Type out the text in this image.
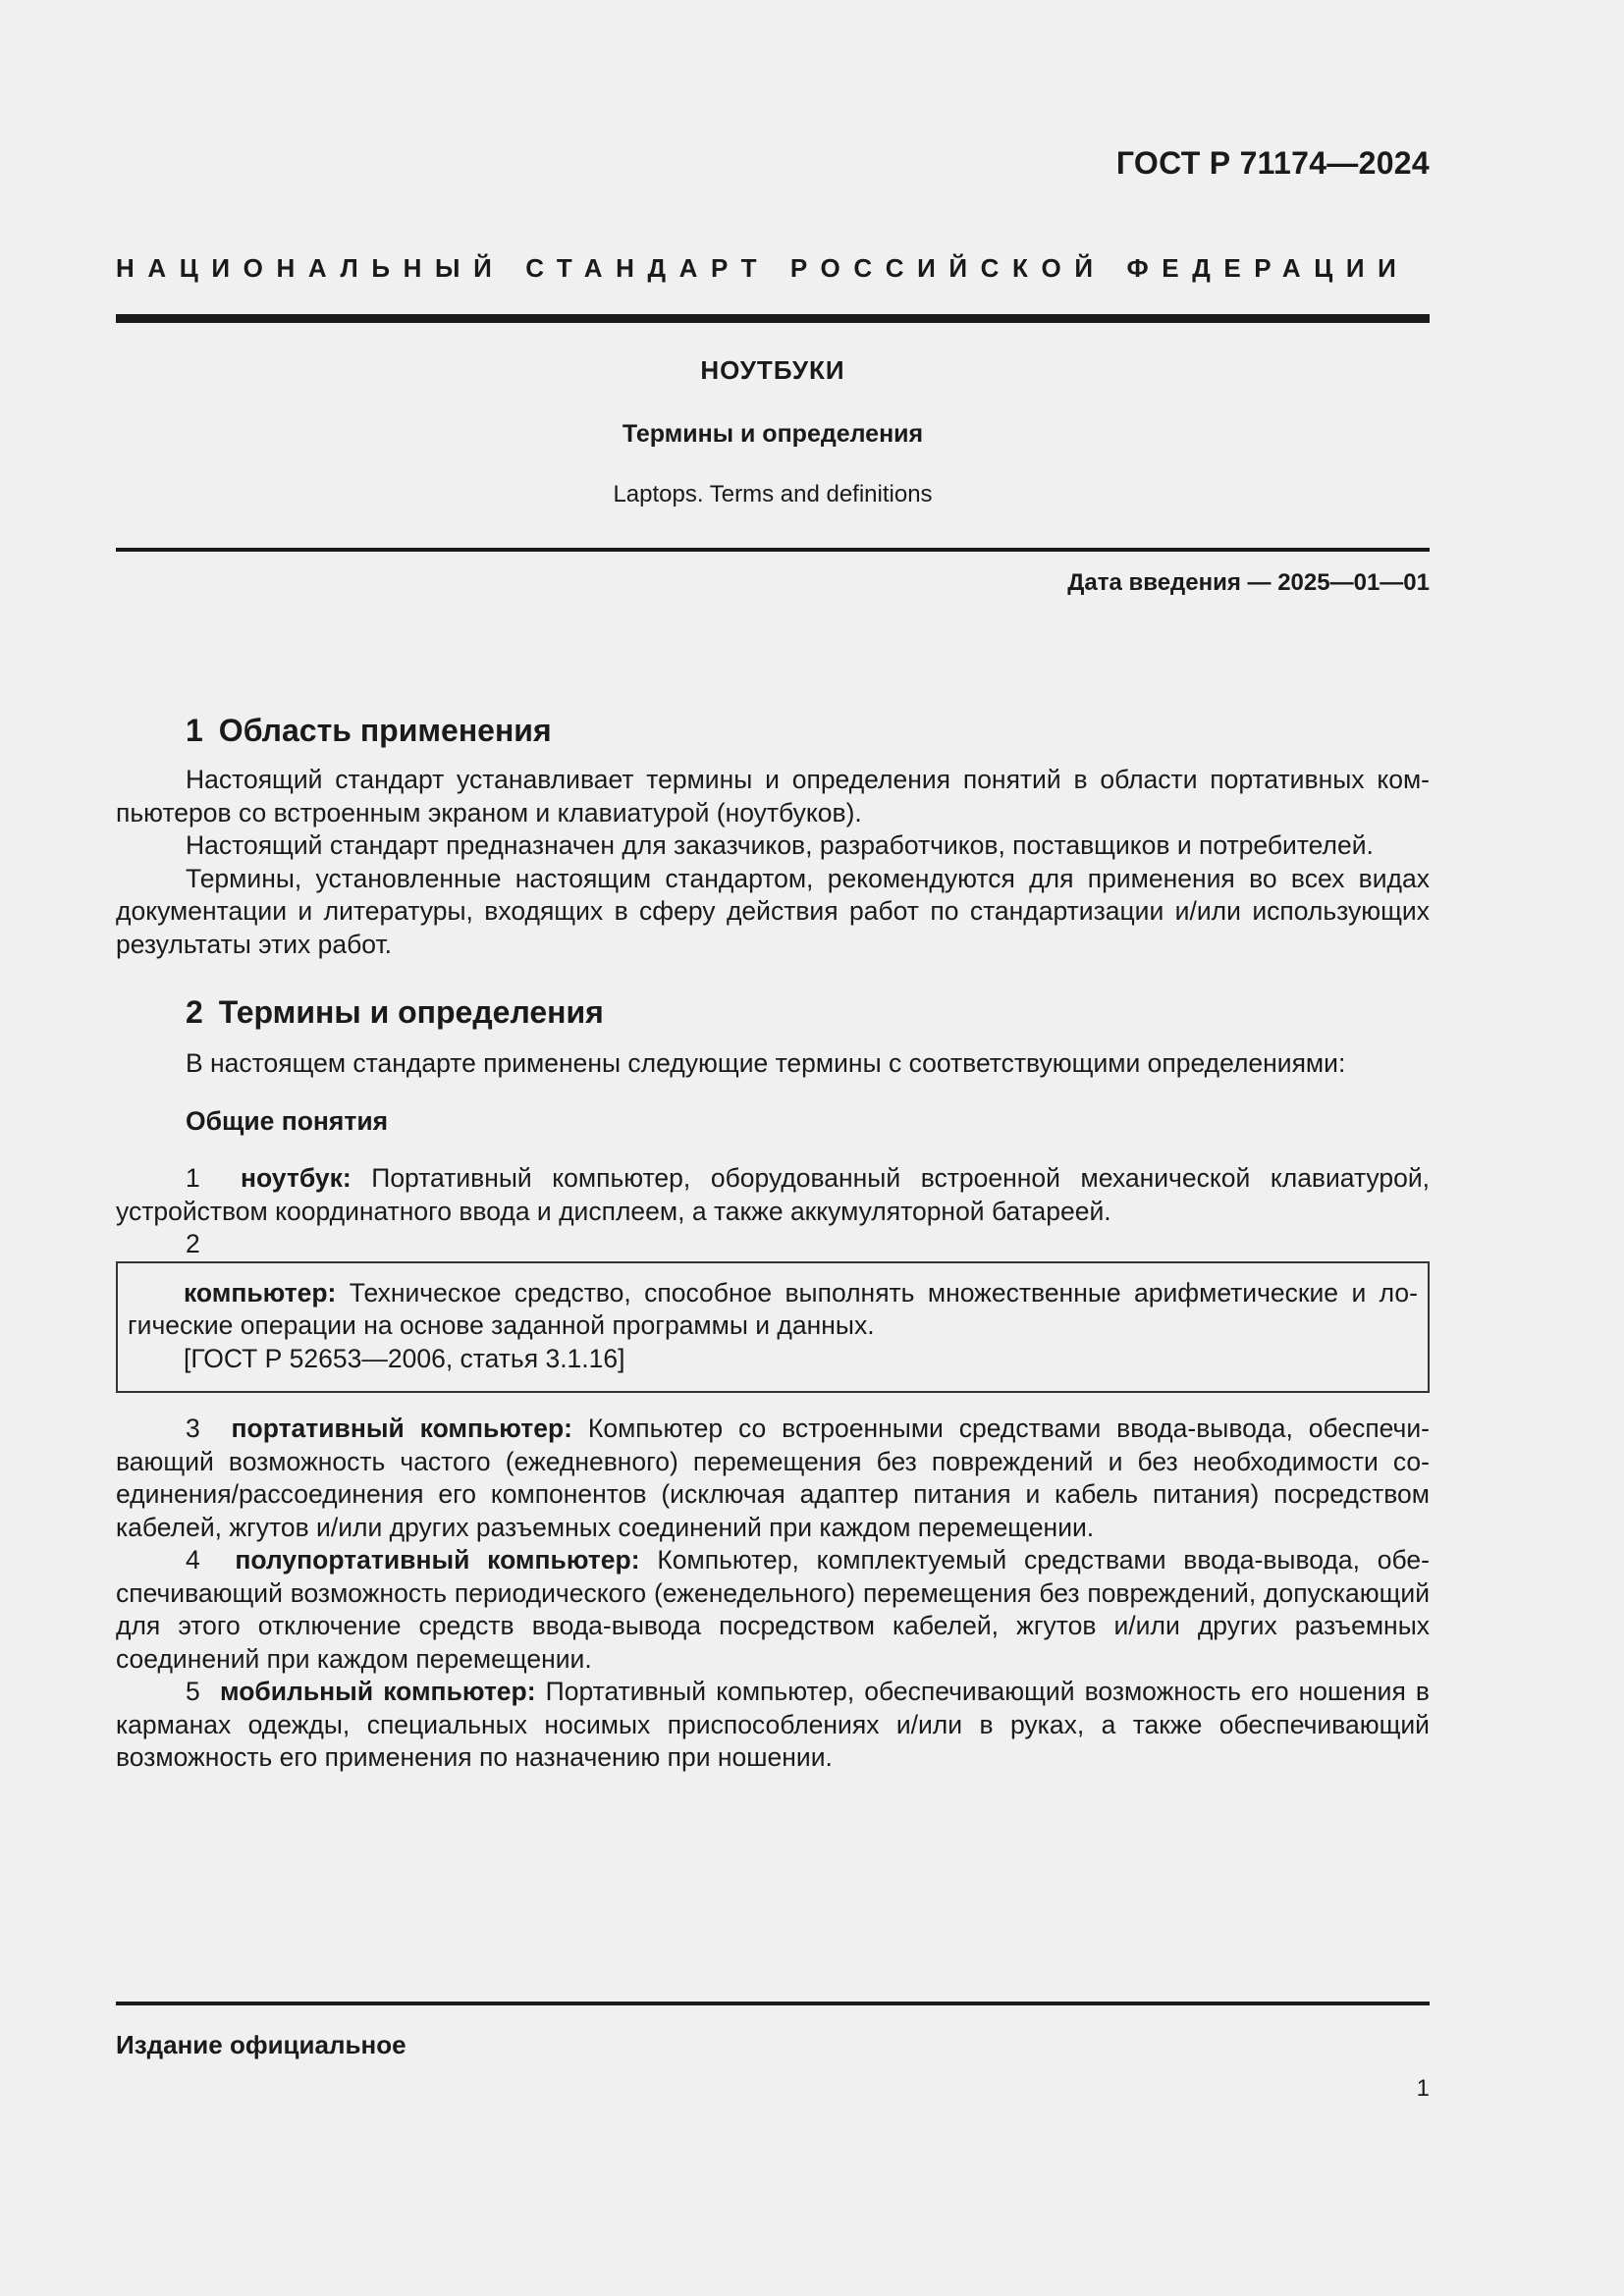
ГОСТ Р 71174—2024
НАЦИОНАЛЬНЫЙ СТАНДАРТ РОССИЙСКОЙ ФЕДЕРАЦИИ
НОУТБУКИ
Термины и определения
Laptops. Terms and definitions
Дата введения — 2025—01—01
1 Область применения

Настоящий стандарт устанавливает термины и определения понятий в области портативных компьютеров со встроенным экраном и клавиатурой (ноутбуков).

Настоящий стандарт предназначен для заказчиков, разработчиков, поставщиков и потребителей.

Термины, установленные настоящим стандартом, рекомендуются для применения во всех видах документации и литературы, входящих в сферу действия работ по стандартизации и/или использующих результаты этих работ.

2 Термины и определения

В настоящем стандарте применены следующие термины с соответствующими определениями:

Общие понятия

1 ноутбук: Портативный компьютер, оборудованный встроенной механической клавиатурой, устройством координатного ввода и дисплеем, а также аккумуляторной батареей.

2

компьютер: Техническое средство, способное выполнять множественные арифметические и логические операции на основе заданной программы и данных.

[ГОСТ Р 52653—2006, статья 3.1.16]

3 портативный компьютер: Компьютер со встроенными средствами ввода-вывода, обеспечивающий возможность частого (ежедневного) перемещения без повреждений и без необходимости соединения/рассоединения его компонентов (исключая адаптер питания и кабель питания) посредством кабелей, жгутов и/или других разъемных соединений при каждом перемещении.

4 полупортативный компьютер: Компьютер, комплектуемый средствами ввода-вывода, обеспечивающий возможность периодического (еженедельного) перемещения без повреждений, допускающий для этого отключение средств ввода-вывода посредством кабелей, жгутов и/или других разъемных соединений при каждом перемещении.

5 мобильный компьютер: Портативный компьютер, обеспечивающий возможность его ношения в карманах одежды, специальных носимых приспособлениях и/или в руках, а также обеспечивающий возможность его применения по назначению при ношении.

Издание официальное
1
